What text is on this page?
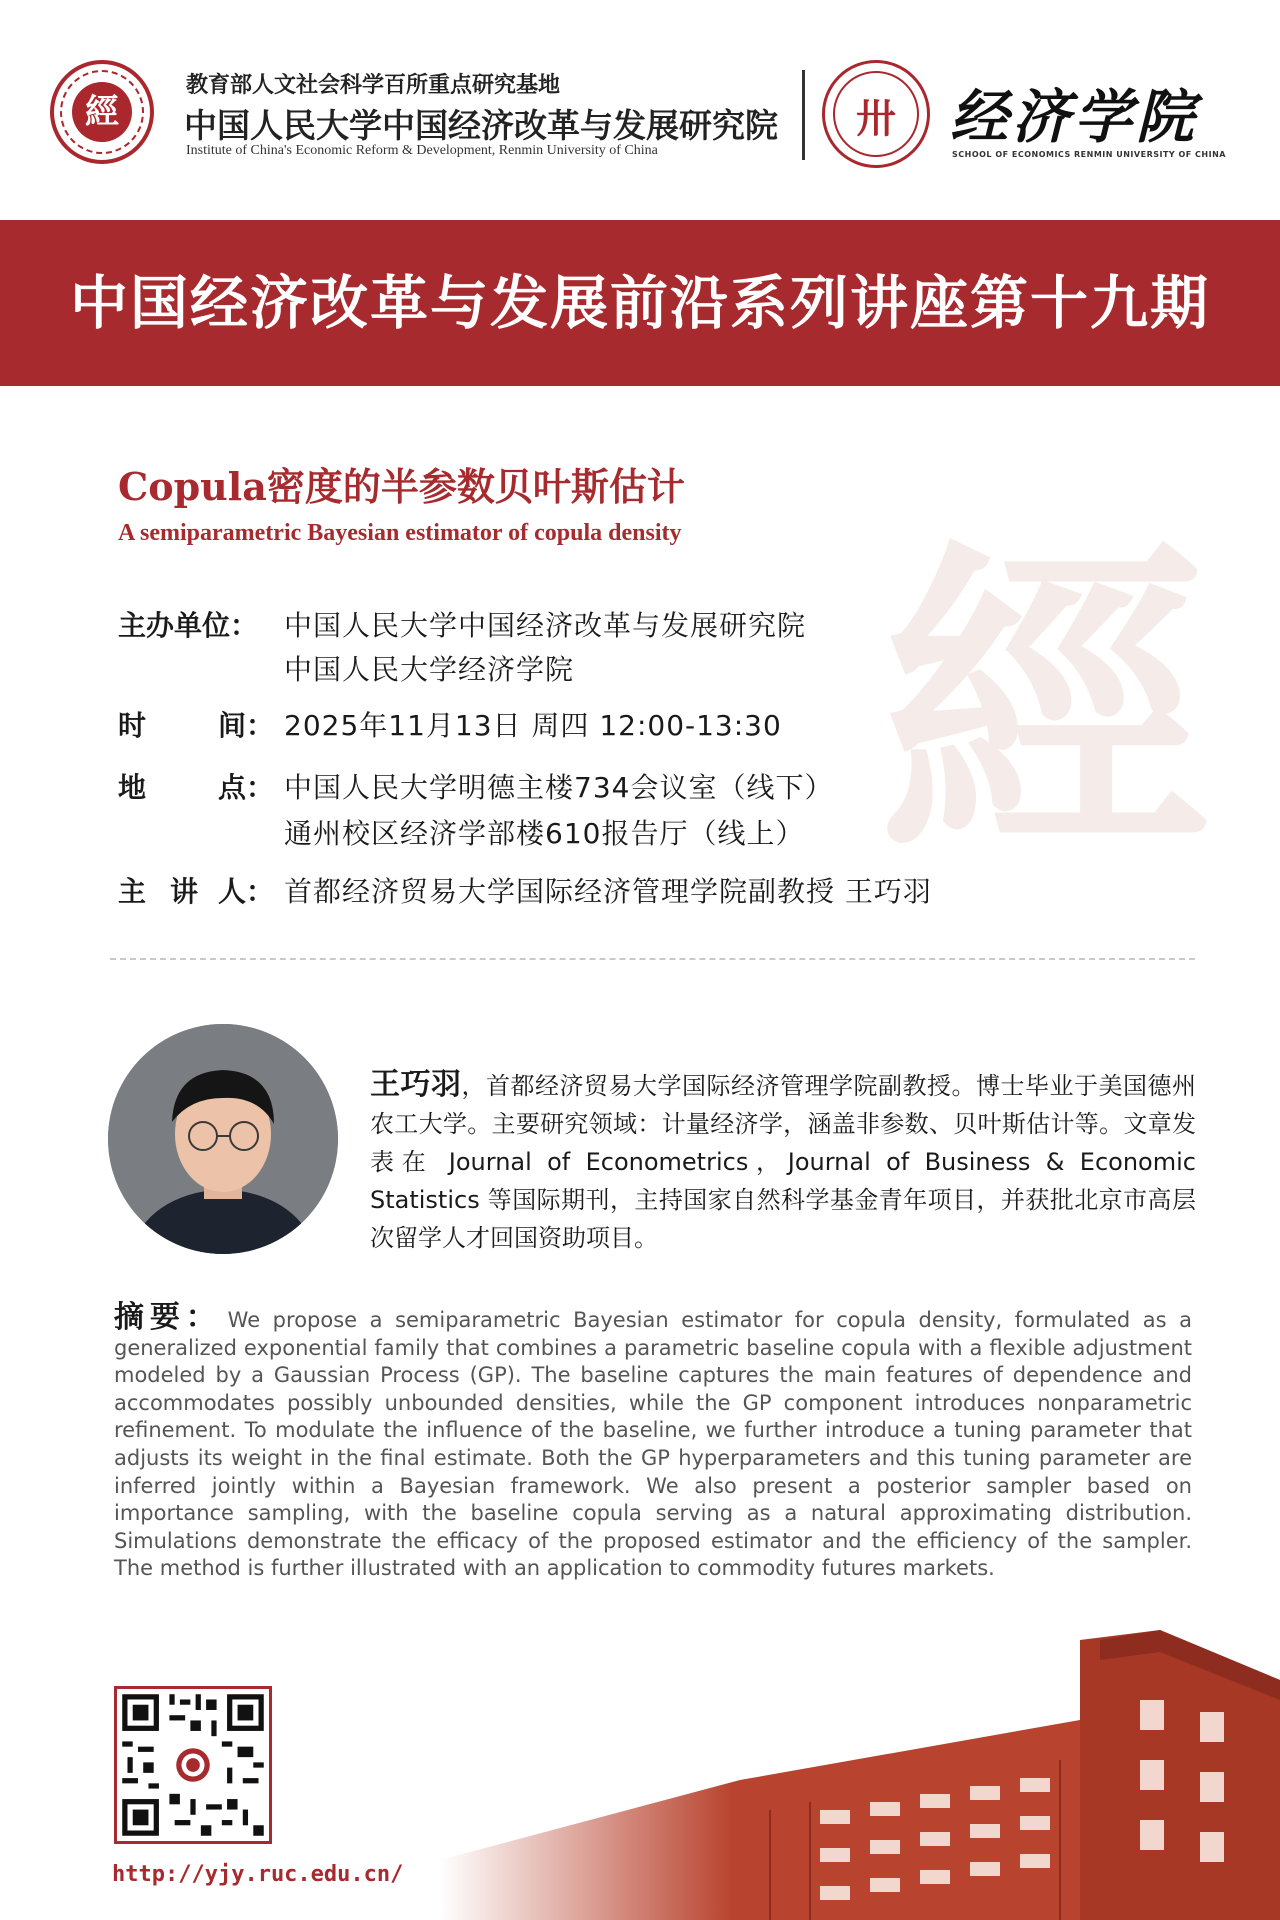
經
教育部人文社会科学百所重点研究基地
中国人民大学中国经济改革与发展研究院
Institute of China's Economic Reform & Development, Renmin University of China
卅 经济学院
SCHOOL OF ECONOMICS RENMIN UNIVERSITY OF CHINA
中国经济改革与发展前沿系列讲座第十九期
經
Copula密度的半参数贝叶斯估计
A semiparametric Bayesian estimator of copula density
主办单位： 中国人民大学中国经济改革与发展研究院
中国人民大学经济学院
时	间： 2025年11月13日 周四 12:00-13:30
地	点： 中国人民大学明德主楼734会议室（线下）
通州校区经济学部楼610报告厅（线上）
主 讲 人： 首都经济贸易大学国际经济管理学院副教授 王巧羽
王巧羽，首都经济贸易大学国际经济管理学院副教授。博士毕业于美国德州农工大学。主要研究领域：计量经济学，涵盖非参数、贝叶斯估计等。文章发表在 Journal of Econometrics，Journal of Business & Economic Statistics 等国际期刊，主持国家自然科学基金青年项目，并获批北京市高层次留学人才回国资助项目。
摘要： We propose a semiparametric Bayesian estimator for copula density, formulated as a generalized exponential family that combines a parametric baseline copula with a flexible adjustment modeled by a Gaussian Process (GP). The baseline captures the main features of dependence and accommodates possibly unbounded densities, while the GP component introduces nonparametric refinement. To modulate the influence of the baseline, we further introduce a tuning parameter that adjusts its weight in the final estimate. Both the GP hyperparameters and this tuning parameter are inferred jointly within a Bayesian framework. We also present a posterior sampler based on importance sampling, with the baseline copula serving as a natural approximating distribution. Simulations demonstrate the efficacy of the proposed estimator and the efficiency of the sampler. The method is further illustrated with an application to commodity futures markets.
http://yjy.ruc.edu.cn/
